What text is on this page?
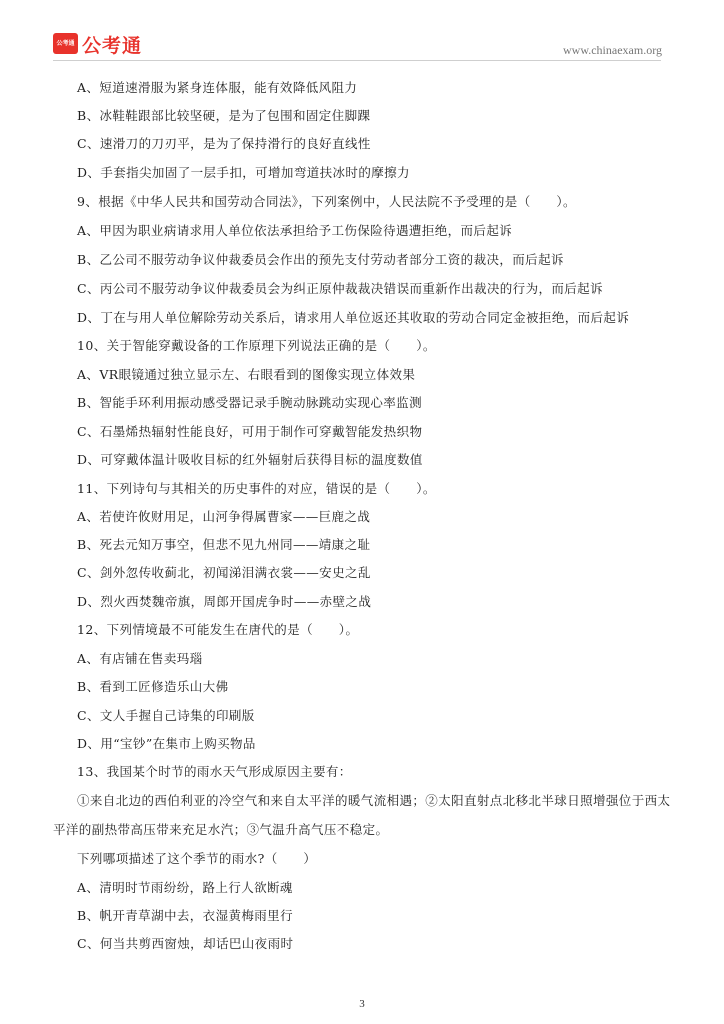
公考通 公考通	www.chinaexam.org
A、短道速滑服为紧身连体服，能有效降低风阻力
B、冰鞋鞋跟部比较坚硬，是为了包围和固定住脚踝
C、速滑刀的刀刃平，是为了保持滑行的良好直线性
D、手套指尖加固了一层手扣，可增加弯道扶冰时的摩擦力
9、根据《中华人民共和国劳动合同法》，下列案例中，人民法院不予受理的是（　　）。
A、甲因为职业病请求用人单位依法承担给予工伤保险待遇遭拒绝，而后起诉
B、乙公司不服劳动争议仲裁委员会作出的预先支付劳动者部分工资的裁决，而后起诉
C、丙公司不服劳动争议仲裁委员会为纠正原仲裁裁决错误而重新作出裁决的行为，而后起诉
D、丁在与用人单位解除劳动关系后，请求用人单位返还其收取的劳动合同定金被拒绝，而后起诉
10、关于智能穿戴设备的工作原理下列说法正确的是（　　）。
A、VR眼镜通过独立显示左、右眼看到的图像实现立体效果
B、智能手环利用振动感受器记录手腕动脉跳动实现心率监测
C、石墨烯热辐射性能良好，可用于制作可穿戴智能发热织物
D、可穿戴体温计吸收目标的红外辐射后获得目标的温度数值
11、下列诗句与其相关的历史事件的对应，错误的是（　　）。
A、若使许攸财用足，山河争得属曹家——巨鹿之战
B、死去元知万事空，但悲不见九州同——靖康之耻
C、剑外忽传收蓟北，初闻涕泪满衣裳——安史之乱
D、烈火西焚魏帝旗，周郎开国虎争时——赤壁之战
12、下列情境最不可能发生在唐代的是（　　）。
A、有店铺在售卖玛瑙
B、看到工匠修造乐山大佛
C、文人手握自己诗集的印刷版
D、用“宝钞”在集市上购买物品
13、我国某个时节的雨水天气形成原因主要有：
①来自北边的西伯利亚的冷空气和来自太平洋的暖气流相遇；②太阳直射点北移北半球日照增强位于西太
平洋的副热带高压带来充足水汽；③气温升高气压不稳定。
下列哪项描述了这个季节的雨水?（　　）
A、清明时节雨纷纷，路上行人欲断魂
B、帆开青草湖中去，衣湿黄梅雨里行
C、何当共剪西窗烛，却话巴山夜雨时
3
